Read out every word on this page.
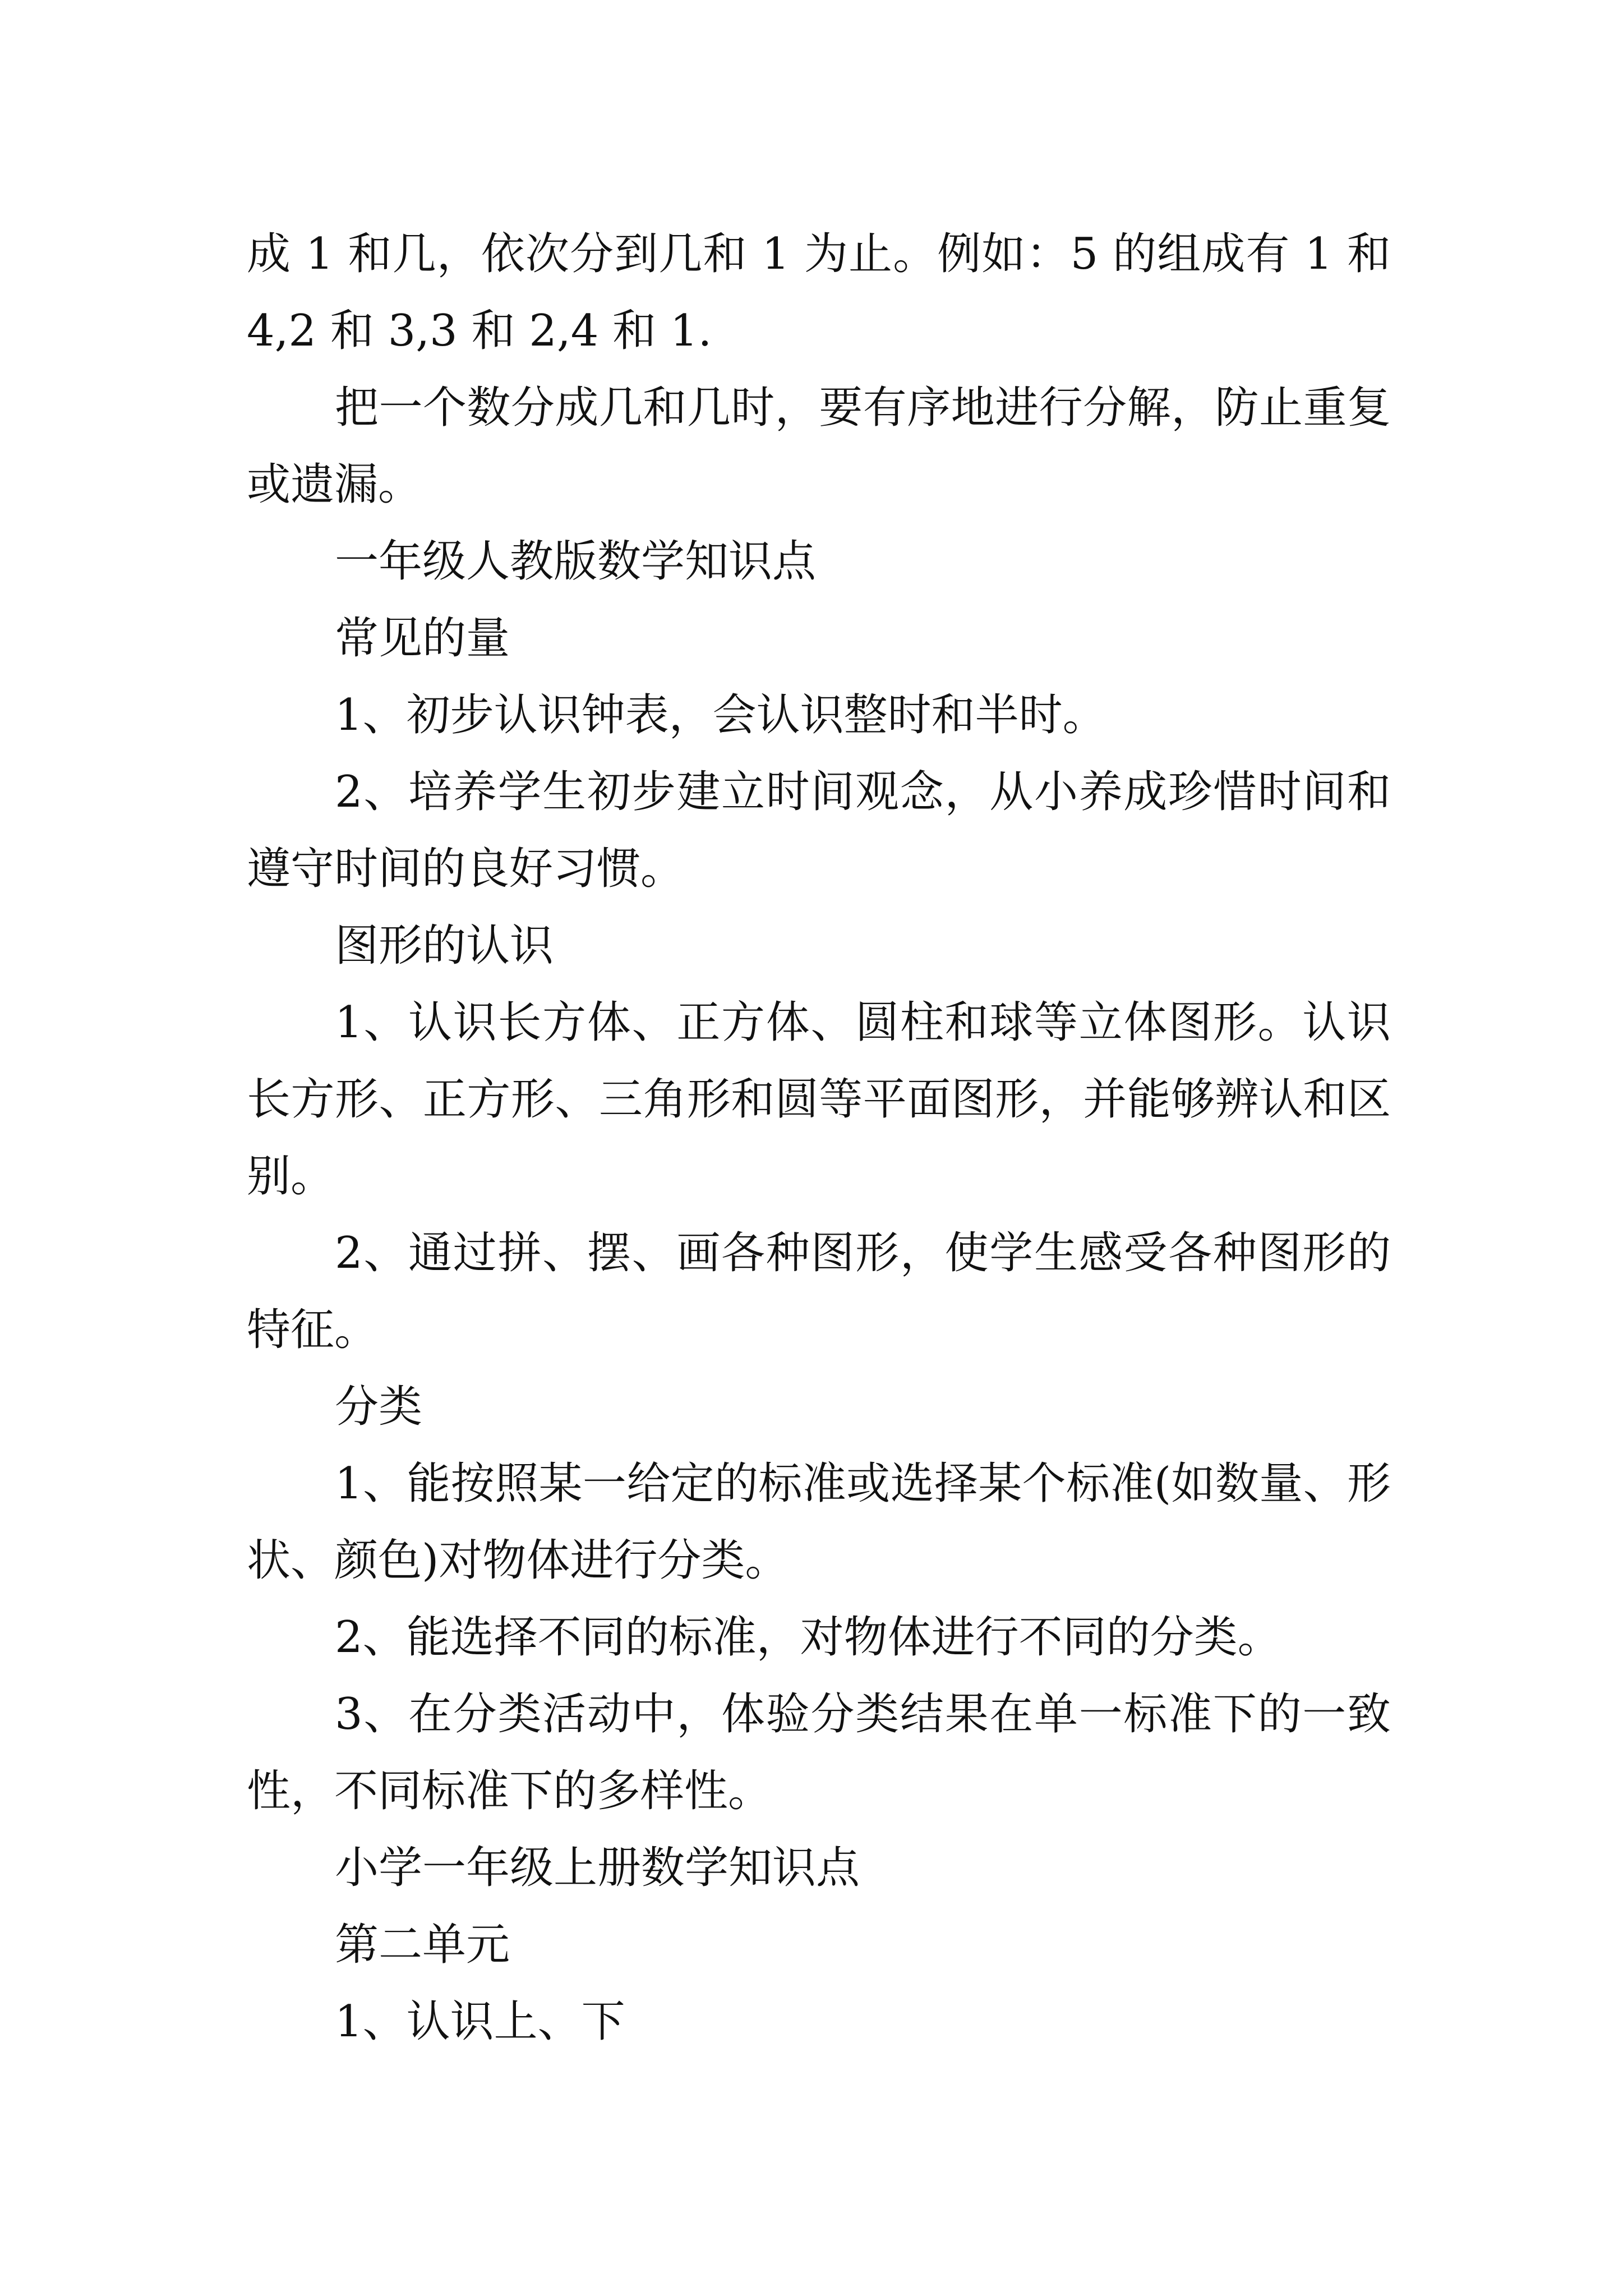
成 1 和几，依次分到几和 1 为止。例如：5 的组成有 1 和 4,2 和 3,3 和 2,4 和 1.

把一个数分成几和几时，要有序地进行分解，防止重复或遗漏。

一年级人教版数学知识点

常见的量

1、初步认识钟表，会认识整时和半时。

2、培养学生初步建立时间观念，从小养成珍惜时间和遵守时间的良好习惯。

图形的认识

1、认识长方体、正方体、圆柱和球等立体图形。认识长方形、正方形、三角形和圆等平面图形，并能够辨认和区别。

2、通过拼、摆、画各种图形，使学生感受各种图形的特征。

分类

1、能按照某一给定的标准或选择某个标准(如数量、形状、颜色)对物体进行分类。

2、能选择不同的标准，对物体进行不同的分类。

3、在分类活动中，体验分类结果在单一标准下的一致性，不同标准下的多样性。

小学一年级上册数学知识点

第二单元

1、认识上、下
